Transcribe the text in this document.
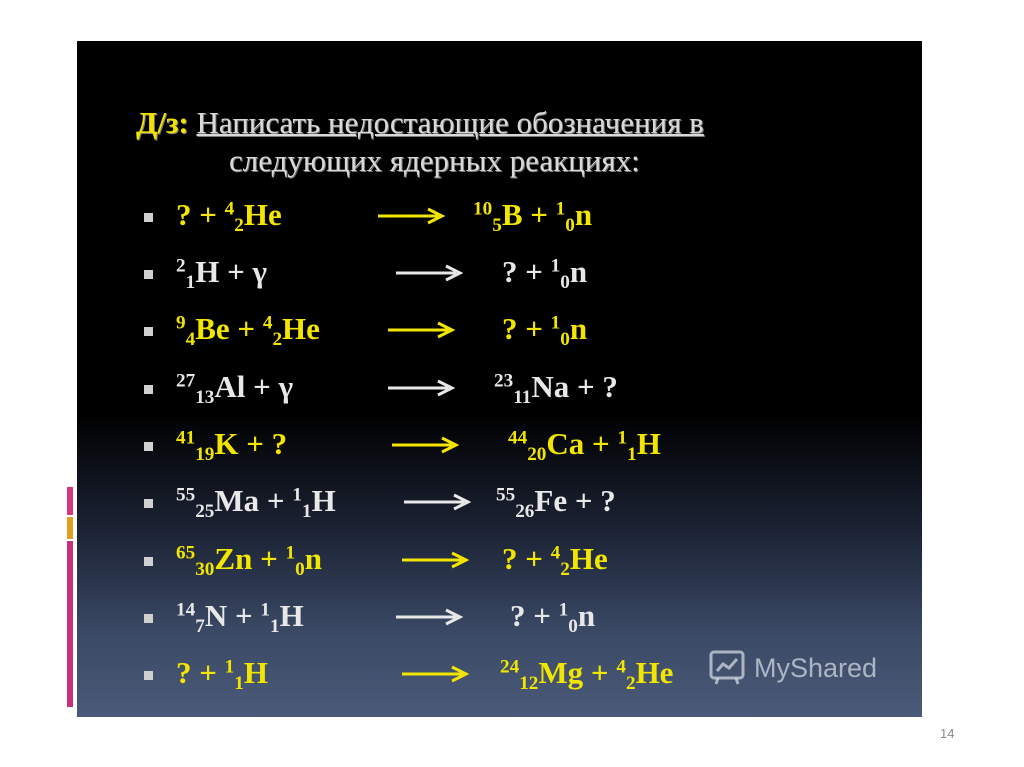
Д/з: Написать недостающие обозначения в
следующих ядерных реакциях:
? + $^4_2$He	→ $^{10}_5$B + $^1_0$n
$^2_1$H + γ	→ ? + $^1_0$n
$^9_4$Be + $^4_2$He → ? + $^1_0$n
$^{27}_{13}$Al + γ	→ $^{23}_{11}$Na + ?
$^{41}_{19}$K + ?	$^{44}_{20}$Ca + $^1_1$H
$^{55}_{25}$Ma + $^1_1$H → $^{55}_{26}$Fe + ?
$^{65}_{30}$Zn + $^1_0$n	→ ? + $^4_2$He
$^{14}_7$N + $^1_1$H	→ ? + $^1_0$n
? + $^1_1$H	→ $^{24}_{12}$Mg + $^4_2$He	MyShared
14
